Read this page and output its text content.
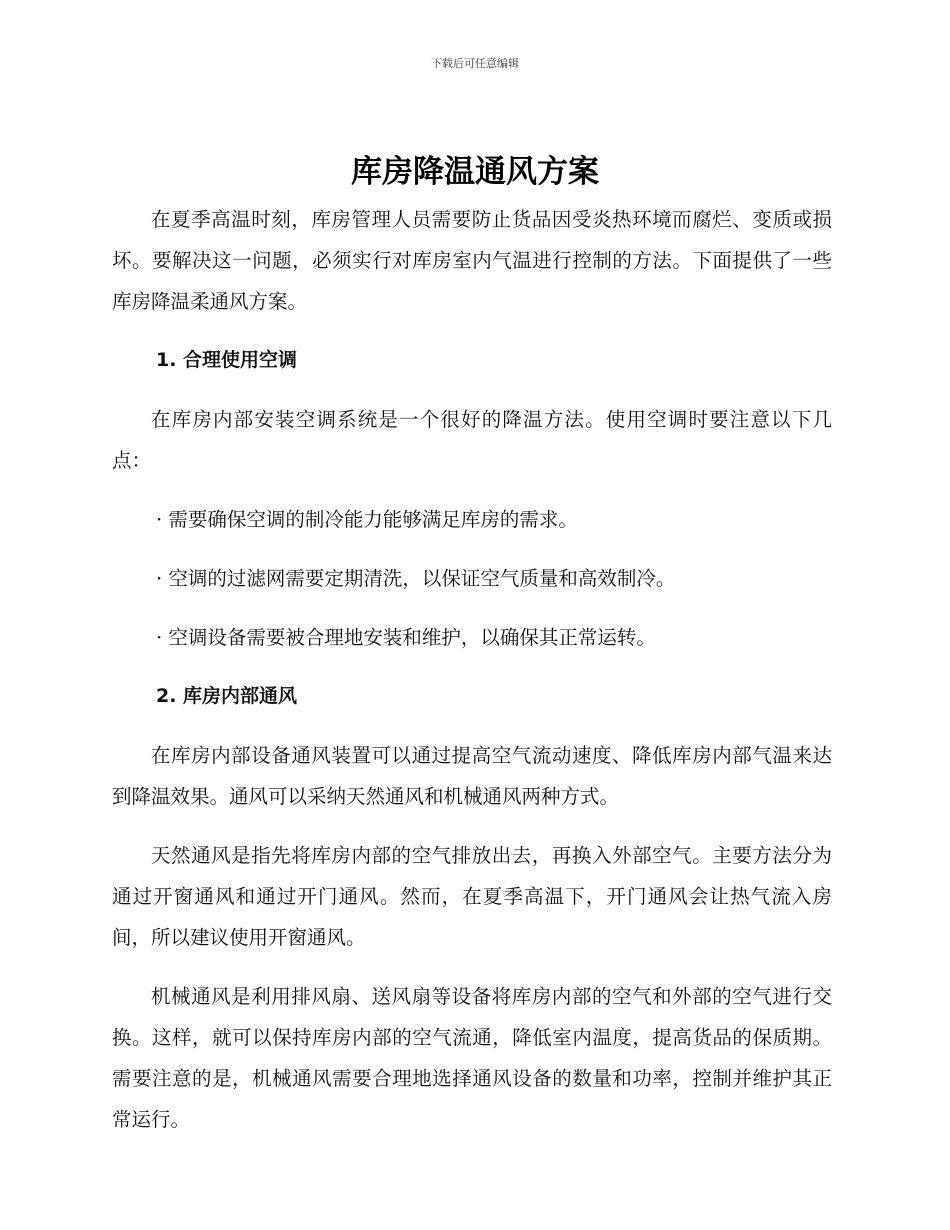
下载后可任意编辑
库房降温通风方案

在夏季高温时刻，库房管理人员需要防止货品因受炎热环境而腐烂、变质或损坏。要解决这一问题，必须实行对库房室内气温进行控制的方法。下面提供了一些库房降温柔通风方案。

1. 合理使用空调

在库房内部安装空调系统是一个很好的降温方法。使用空调时要注意以下几点：

· 需要确保空调的制冷能力能够满足库房的需求。
· 空调的过滤网需要定期清洗，以保证空气质量和高效制冷。
· 空调设备需要被合理地安装和维护，以确保其正常运转。
2. 库房内部通风

在库房内部设备通风装置可以通过提高空气流动速度、降低库房内部气温来达到降温效果。通风可以采纳天然通风和机械通风两种方式。

天然通风是指先将库房内部的空气排放出去，再换入外部空气。主要方法分为通过开窗通风和通过开门通风。然而，在夏季高温下，开门通风会让热气流入房间，所以建议使用开窗通风。

机械通风是利用排风扇、送风扇等设备将库房内部的空气和外部的空气进行交换。这样，就可以保持库房内部的空气流通，降低室内温度，提高货品的保质期。需要注意的是，机械通风需要合理地选择通风设备的数量和功率，控制并维护其正常运行。
